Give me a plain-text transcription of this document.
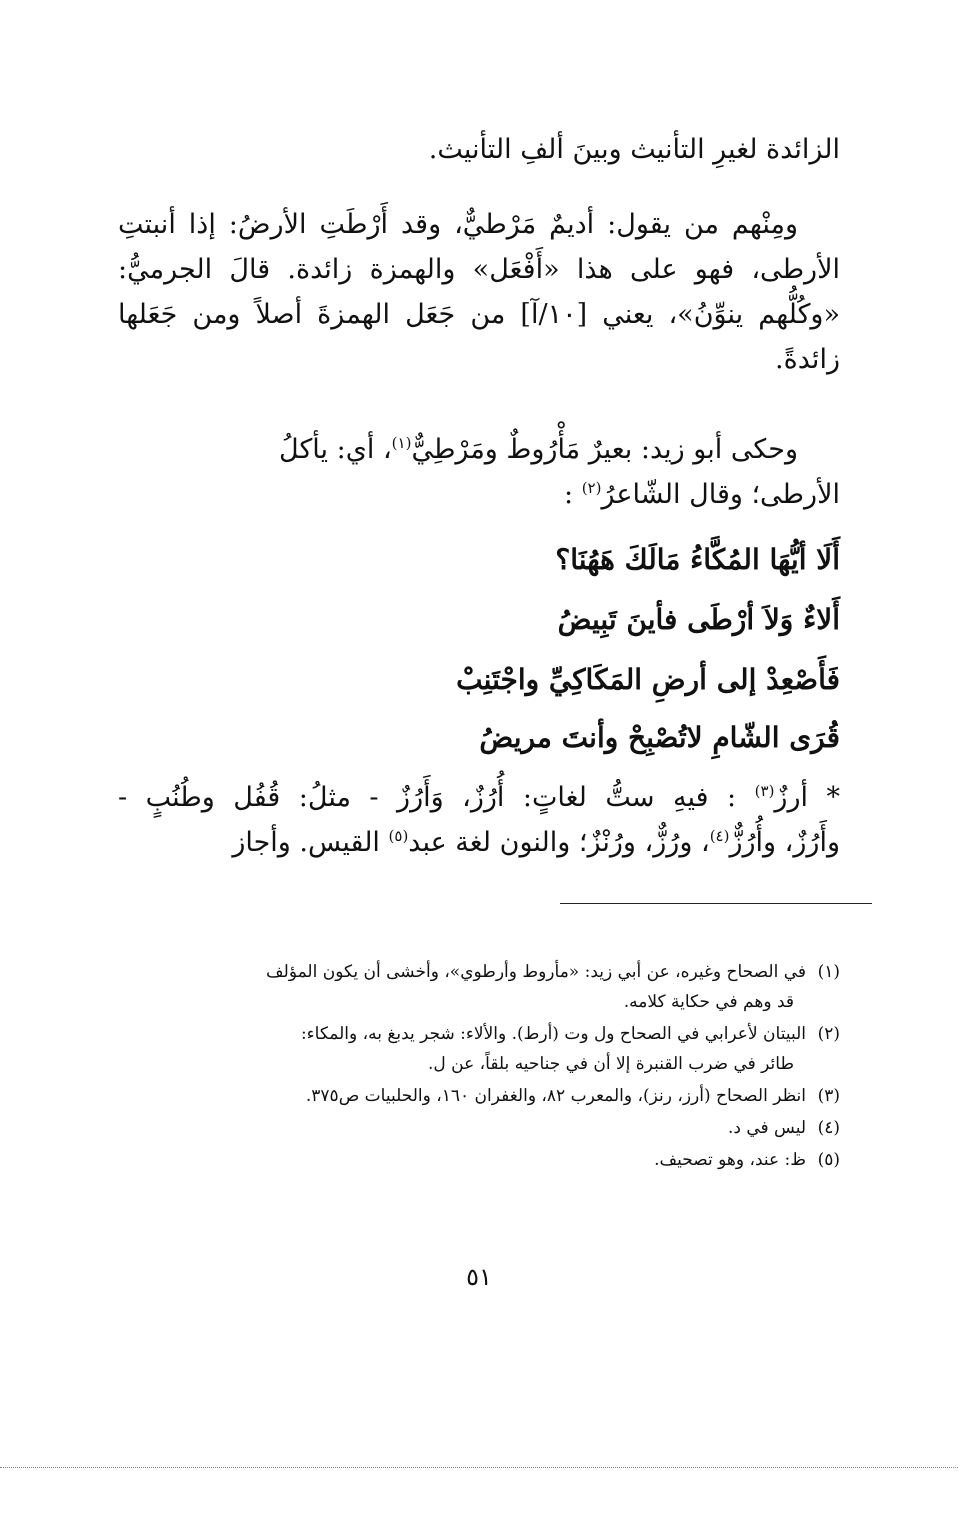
الزائدة لغيرِ التأنيث وبينَ ألفِ التأنيث.
ومِنْهم من يقول: أديمٌ مَرْطيٌّ، وقد أَرْطَتِ الأرضُ: إذا أنبتتِ
الأرطى، فهو على هذا «أَفْعَل» والهمزة زائدة. قالَ الجرميُّ:
«وكُلُّهم ينوِّنُ»، يعني [١٠/آ] من جَعَل الهمزةَ أصلاً ومن جَعَلها
زائدةً.
وحكى أبو زيد: بعيرٌ مَأْرُوطٌ ومَرْطِيٌّ$^{(١)}$، أي: يأكلُ
الأرطى؛ وقال الشّاعرُ$^{(٢)}$ :
أَلَا أيُّهَا المُكَّاءُ مَالَكَ هَهُنَا؟
أَلاءٌ وَلاَ أرْطَى فأينَ تَبِيضُ
فَأَصْعِدْ إلى أرضِ المَكَاكِيِّ واجْتَنِبْ
قُرَى الشّامِ لاتُصْبِحْ وأنتَ مريضُ
* أرزٌ$^{(٣)}$ : فيهِ ستُّ لغاتٍ: أُرُزٌ، وَأَرُزٌ - مثلُ: قُفُل وطُنُبٍ -
وأَرُزٌ، وأُرُزٌّ$^{(٤)}$، ورُزٌّ، ورُنْزٌ؛ والنون لغة عبد$^{(٥)}$ القيس. وأجاز
(١)في الصحاح وغيره، عن أبي زيد: «مأروط وأرطوي»، وأخشى أن يكون المؤلف
قد وهم في حكاية كلامه.
(٢)البيتان لأعرابي في الصحاح ول وت (أرط). والألاء: شجر يدبغ به، والمكاء:
طائر في ضرب القنبرة إلا أن في جناحيه بلقاً، عن ل.
(٣)انظر الصحاح (أرز، رنز)، والمعرب ٨٢، والغفران ١٦٠، والحلبيات ص٣٧٥.
(٤)ليس في د.
(٥)ظ: عند، وهو تصحيف.
٥١
